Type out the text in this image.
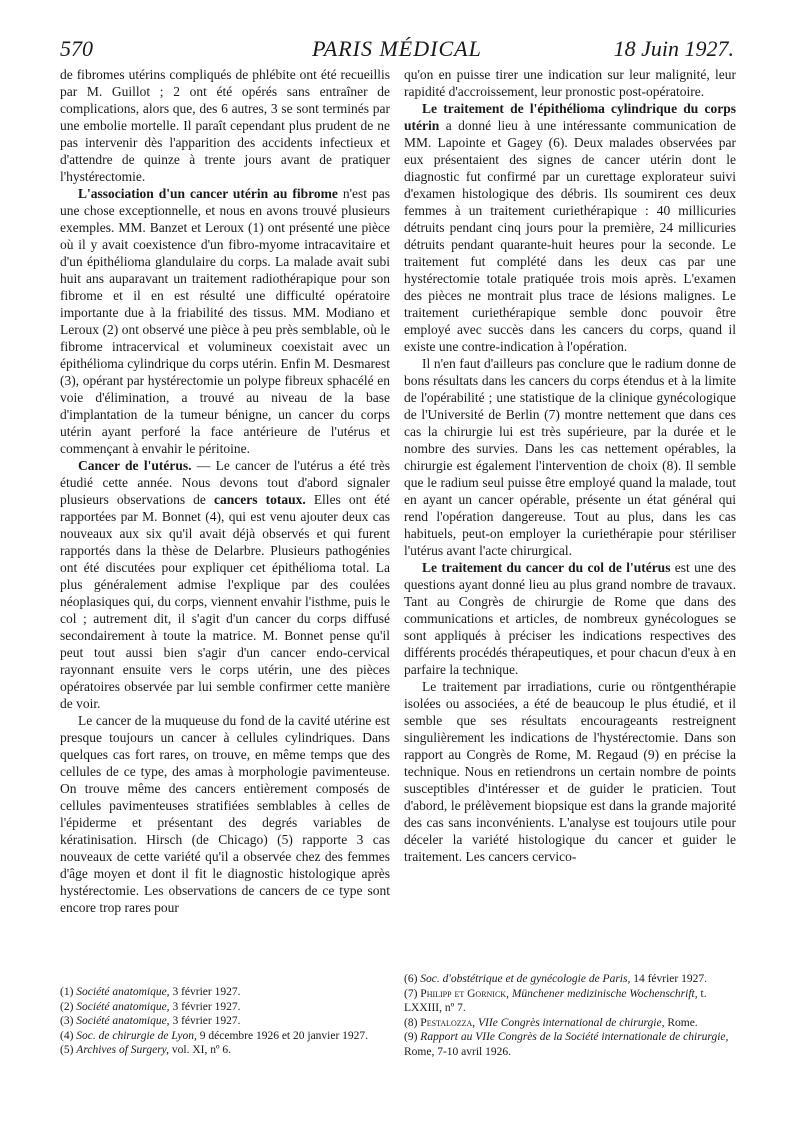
570	PARIS MÉDICAL	18 Juin 1927.

de fibromes utérins compliqués de phlébite ont été recueillis par M. Guillot ; 2 ont été opérés sans entraîner de complications, alors que, des 6 autres, 3 se sont terminés par une embolie mortelle. Il paraît cependant plus prudent de ne pas intervenir dès l'apparition des accidents infectieux et d'attendre de quinze à trente jours avant de pratiquer l'hystérectomie.

L'association d'un cancer utérin au fibrome n'est pas une chose exceptionnelle, et nous en avons trouvé plusieurs exemples. MM. Banzet et Leroux (1) ont présenté une pièce où il y avait coexistence d'un fibro-myome intracavitaire et d'un épithélioma glandulaire du corps. La malade avait subi huit ans auparavant un traitement radiothérapique pour son fibrome et il en est résulté une difficulté opératoire importante due à la friabilité des tissus. MM. Modiano et Leroux (2) ont observé une pièce à peu près semblable, où le fibrome intracervical et volumineux coexistait avec un épithélioma cylindrique du corps utérin. Enfin M. Desmarest (3), opérant par hystérectomie un polype fibreux sphacélé en voie d'élimination, a trouvé au niveau de la base d'implantation de la tumeur bénigne, un cancer du corps utérin ayant perforé la face antérieure de l'utérus et commençant à envahir le péritoine.

Cancer de l'utérus. — Le cancer de l'utérus a été très étudié cette année. Nous devons tout d'abord signaler plusieurs observations de cancers totaux. Elles ont été rapportées par M. Bonnet (4), qui est venu ajouter deux cas nouveaux aux six qu'il avait déjà observés et qui furent rapportés dans la thèse de Delarbre. Plusieurs pathogénies ont été discutées pour expliquer cet épithélioma total. La plus généralement admise l'explique par des coulées néoplasiques qui, du corps, viennent envahir l'isthme, puis le col ; autrement dit, il s'agit d'un cancer du corps diffusé secondairement à toute la matrice. M. Bonnet pense qu'il peut tout aussi bien s'agir d'un cancer endo-cervical rayonnant ensuite vers le corps utérin, une des pièces opératoires observée par lui semble confirmer cette manière de voir.

Le cancer de la muqueuse du fond de la cavité utérine est presque toujours un cancer à cellules cylindriques. Dans quelques cas fort rares, on trouve, en même temps que des cellules de ce type, des amas à morphologie pavimenteuse. On trouve même des cancers entièrement composés de cellules pavimenteuses stratifiées semblables à celles de l'épiderme et présentant des degrés variables de kératinisation. Hirsch (de Chicago) (5) rapporte 3 cas nouveaux de cette variété qu'il a observée chez des femmes d'âge moyen et dont il fit le diagnostic histologique après hystérectomie. Les observations de cancers de ce type sont encore trop rares pour

qu'on en puisse tirer une indication sur leur malignité, leur rapidité d'accroissement, leur pronostic post-opératoire.

Le traitement de l'épithélioma cylindrique du corps utérin a donné lieu à une intéressante communication de MM. Lapointe et Gagey (6). Deux malades observées par eux présentaient des signes de cancer utérin dont le diagnostic fut confirmé par un curettage explorateur suivi d'examen histologique des débris. Ils soumirent ces deux femmes à un traitement curiethérapique : 40 millicuries détruits pendant cinq jours pour la première, 24 millicuries détruits pendant quarante-huit heures pour la seconde. Le traitement fut complété dans les deux cas par une hystérectomie totale pratiquée trois mois après. L'examen des pièces ne montrait plus trace de lésions malignes. Le traitement curiethérapique semble donc pouvoir être employé avec succès dans les cancers du corps, quand il existe une contre-indication à l'opération.

Il n'en faut d'ailleurs pas conclure que le radium donne de bons résultats dans les cancers du corps étendus et à la limite de l'opérabilité ; une statistique de la clinique gynécologique de l'Université de Berlin (7) montre nettement que dans ces cas la chirurgie lui est très supérieure, par la durée et le nombre des survies. Dans les cas nettement opérables, la chirurgie est également l'intervention de choix (8). Il semble que le radium seul puisse être employé quand la malade, tout en ayant un cancer opérable, présente un état général qui rend l'opération dangereuse. Tout au plus, dans les cas habituels, peut-on employer la curiethérapie pour stériliser l'utérus avant l'acte chirurgical.

Le traitement du cancer du col de l'utérus est une des questions ayant donné lieu au plus grand nombre de travaux. Tant au Congrès de chirurgie de Rome que dans des communications et articles, de nombreux gynécologues se sont appliqués à préciser les indications respectives des différents procédés thérapeutiques, et pour chacun d'eux à en parfaire la technique.

Le traitement par irradiations, curie ou röntgenthérapie isolées ou associées, a été de beaucoup le plus étudié, et il semble que ses résultats encourageants restreignent singulièrement les indications de l'hystérectomie. Dans son rapport au Congrès de Rome, M. Regaud (9) en précise la technique. Nous en retiendrons un certain nombre de points susceptibles d'intéresser et de guider le praticien. Tout d'abord, le prélèvement biopsique est dans la grande majorité des cas sans inconvénients. L'analyse est toujours utile pour déceler la variété histologique du cancer et guider le traitement. Les cancers cervico-

(1) Société anatomique, 3 février 1927.

(2) Société anatomique, 3 février 1927.

(3) Société anatomique, 3 février 1927.

(4) Soc. de chirurgie de Lyon, 9 décembre 1926 et 20 janvier 1927.

(5) Archives of Surgery, vol. XI, nº 6.

(6) Soc. d'obstétrique et de gynécologie de Paris, 14 février 1927.

(7) Philipp et Gornick, Münchener medizinische Wochenschrift, t. LXXIII, nº 7.

(8) Pestalozza, VIIe Congrès international de chirurgie, Rome.

(9) Rapport au VIIe Congrès de la Société internationale de chirurgie, Rome, 7-10 avril 1926.
